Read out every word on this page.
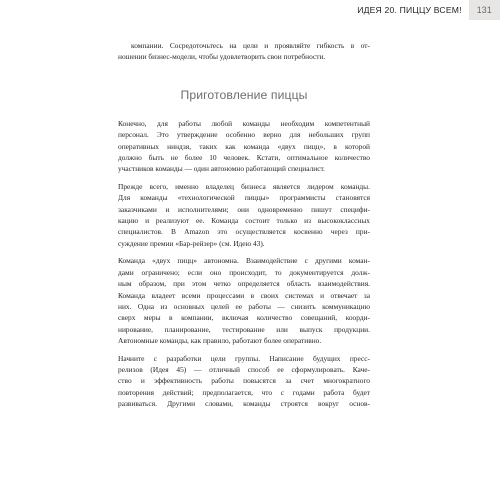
ИДЕЯ 20. ПИЦЦУ ВСЕМ!	131

компании. Сосредоточьтесь на цели и проявляйте гибкость в от-
ношении бизнес-модели, чтобы удовлетворить свои потребности.

Приготовление пиццы

Конечно, для работы любой команды необходим компетентный
персонал. Это утверждение особенно верно для небольших групп
оперативных ниндзя, таких как команда «двух пицц», в которой
должно быть не более 10 человек. Кстати, оптимальное количество
участников команды — один автономно работающий специалист.

Прежде всего, именно владелец бизнеса является лидером команды.
Для команды «технологической пиццы» программисты становятся
заказчиками и исполнителями; они одновременно пишут специфи-
кацию и реализуют ее. Команда состоит только из высококлассных
специалистов. В Amazon это осуществляется косвенно через при-
суждение премии «Бар-рейзер» (см. Идею 43).

Команда «двух пицц» автономна. Взаимодействие с другими коман-
дами ограничено; если оно происходит, то документируется долж-
ным образом, при этом четко определяется область взаимодействия.
Команда владеет всеми процессами в своих системах и отвечает за
них. Одна из основных целей ее работы — снизить коммуникацию
сверх меры в компании, включая количество совещаний, коорди-
нирование, планирование, тестирование или выпуск продукции.
Автономные команды, как правило, работают более оперативно.

Начните с разработки цели группы. Написание будущих пресс-
релизов (Идея 45) — отличный способ ее сформулировать. Каче-
ство и эффективность работы повысятся за счет многократного
повторения действий; предполагается, что с годами работа будет
развиваться. Другими словами, команды строятся вокруг основ-
